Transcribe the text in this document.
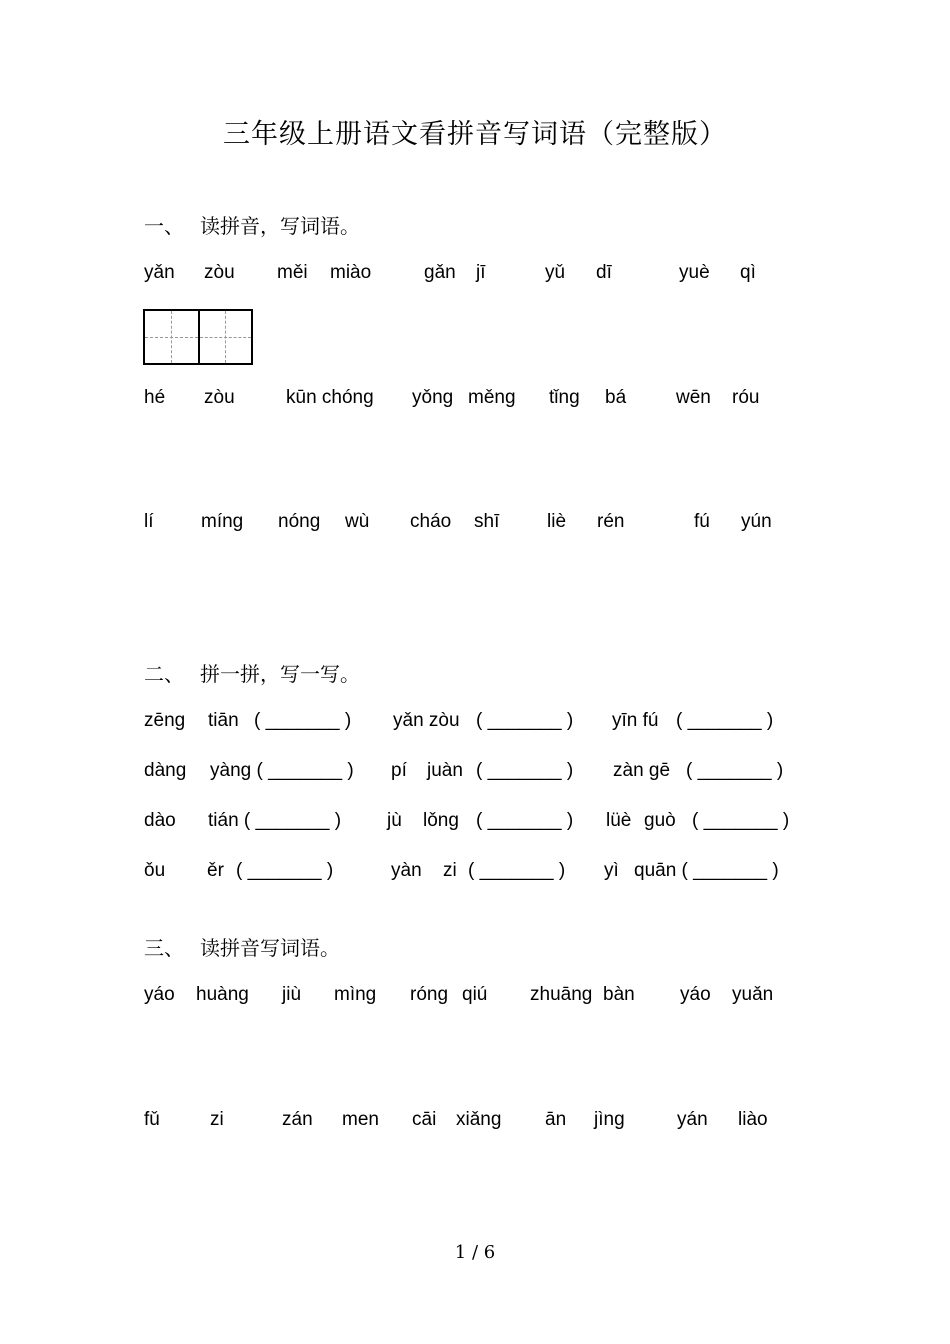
三年级上册语文看拼音写词语（完整版）
一、 读拼音，写词语。
yǎn zòu měi miào	gǎn jī	yǔ dī	yuè qì
hé zòu	kūn chóng yǒng měng tǐng bá	wēn róu
lí	míng nóng wù cháo shī	liè rén	fú yún
二、 拼一拼，写一写。
zēng tiān ( _______ ) yǎn zòu ( _______ ) yīn fú ( _______ )
dàng yàng ( _______ ) pí juàn ( _______ ) zàn gē ( _______ )
dào tián ( _______ ) jù lǒng ( _______ ) lüè guò ( _______ )
ǒu ěr ( _______ )	yàn zi ( _______ ) yì quān ( _______ )
三、 读拼音写词语。
yáo huàng jiù mìng róng qiú zhuāng bàn yáo yuǎn
fǔ	zi	zán men cāi xiǎng ān jìng	yán liào
1 / 6
